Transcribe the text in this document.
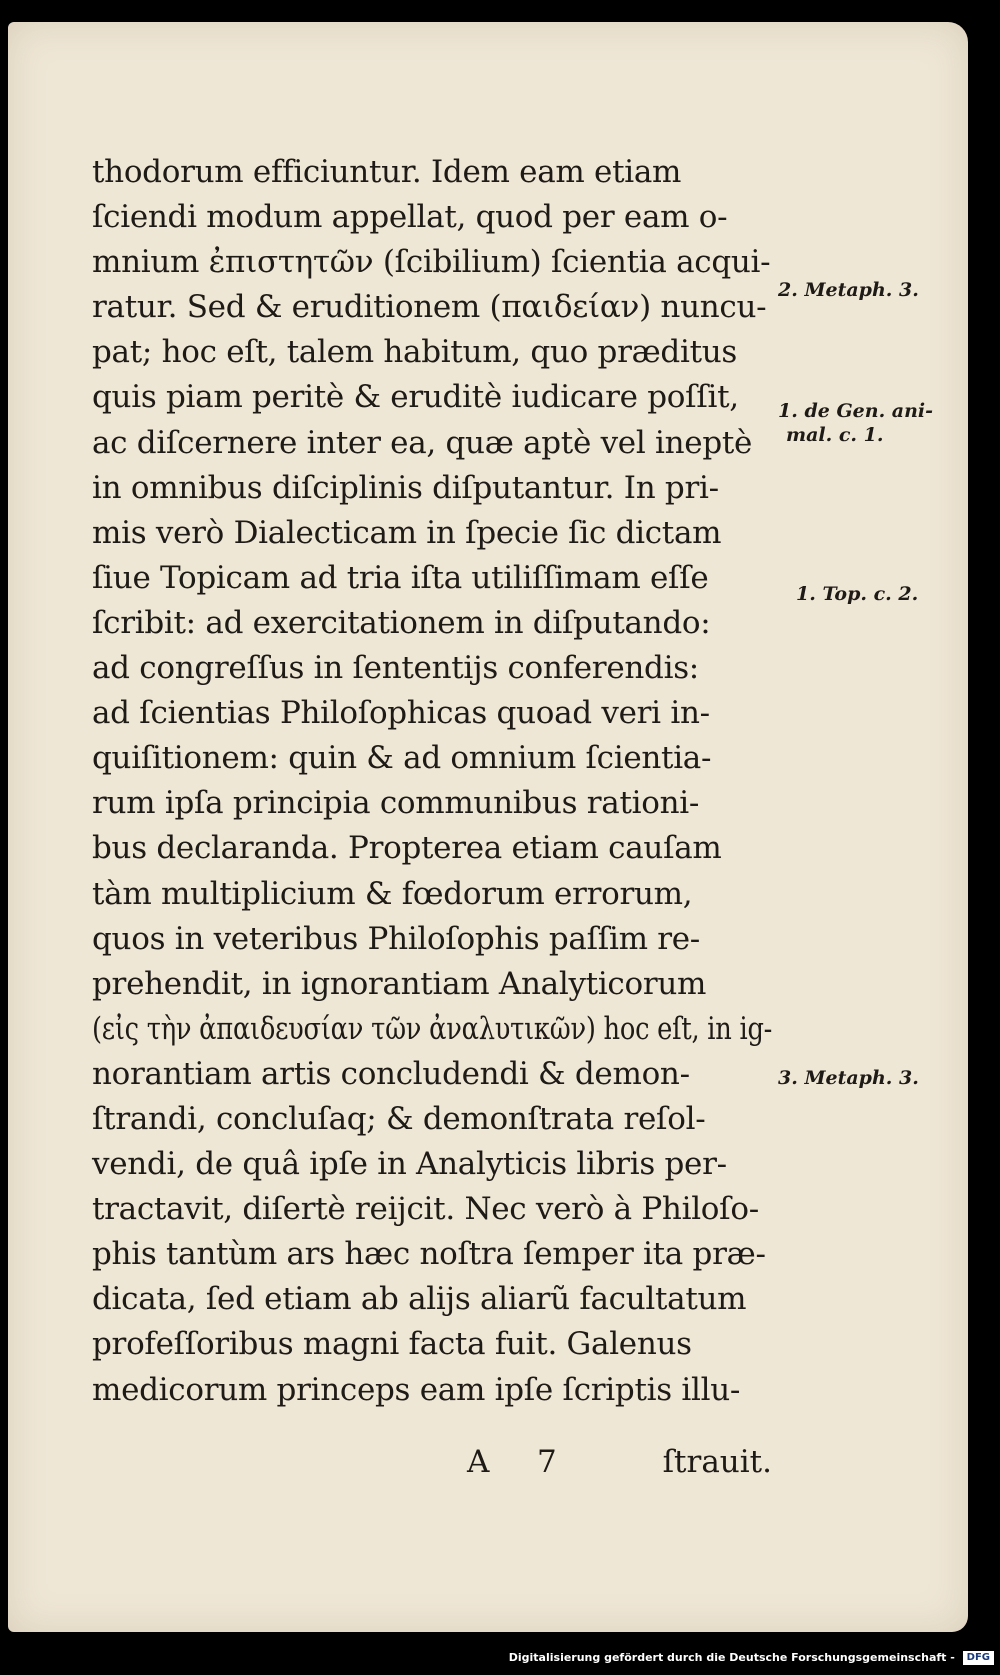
thodorum efficiuntur. Idem eam etiam
ſciendi modum appellat, quod per eam o-
mnium ἐπιστητῶν (ſcibilium) ſcientia acqui-
ratur. Sed & eruditionem (παιδείαν) nuncu-
pat; hoc eſt, talem habitum, quo præditus
quis piam peritè & eruditè iudicare poſſit,
ac diſcernere inter ea, quæ aptè vel ineptè
in omnibus diſciplinis diſputantur. In pri-
mis verò Dialecticam in ſpecie ſic dictam
ſiue Topicam ad tria iſta utiliſſimam eſſe
ſcribit: ad exercitationem in diſputando:
ad congreſſus in ſententijs conferendis:
ad ſcientias Philoſophicas quoad veri in-
quiſitionem: quin & ad omnium ſcientia-
rum ipſa principia communibus rationi-
bus declaranda. Propterea etiam cauſam
tàm multiplicium & fœdorum errorum,
quos in veteribus Philoſophis paſſim re-
prehendit, in ignorantiam Analyticorum
(εἰς τὴν ἀπαιδευσίαν τῶν ἀναλυτικῶν) hoc eſt, in ig-
norantiam artis concludendi & demon-
ſtrandi, concluſaq; & demonſtrata reſol-
vendi, de quâ ipſe in Analyticis libris per-
tractavit, diſertè reijcit. Nec verò à Philoſo-
phis tantùm ars hæc noſtra ſemper ita præ-
dicata, ſed etiam ab alijs aliarũ facultatum
profeſſoribus magni facta fuit. Galenus
medicorum princeps eam ipſe ſcriptis illu-
2. Metaph. 3.
1. de Gen. ani-
mal. c. 1.
1. Top. c. 2.
3. Metaph. 3.
A 7	ſtrauit.
Digitalisierung gefördert durch die Deutsche Forschungsgemeinschaft - DFG
